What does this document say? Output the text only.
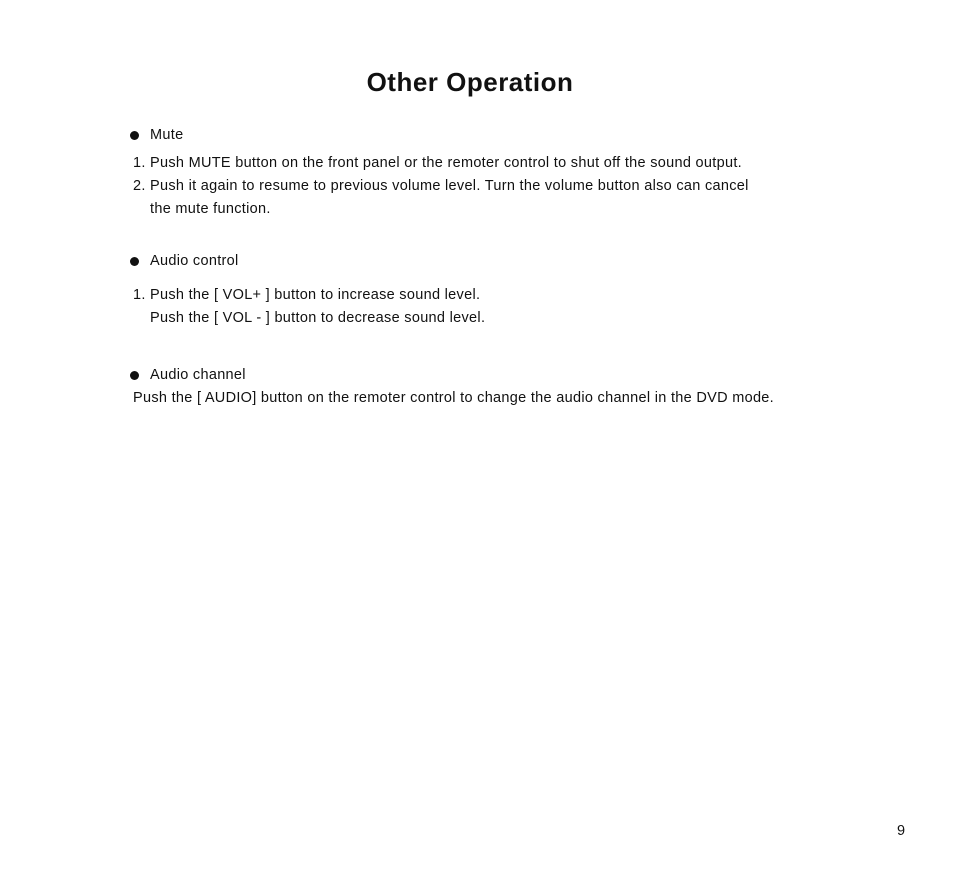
Other Operation
Mute
1. Push MUTE button on the front panel or the remoter control to shut off the sound output.
2. Push it again to resume to previous volume level. Turn the volume button also can cancel
the mute function.
Audio control
1. Push the [ VOL+ ] button to increase sound level.
Push the [ VOL - ] button to decrease sound level.
Audio channel
Push the [ AUDIO] button on the remoter control to change the audio channel in the DVD mode.
9
